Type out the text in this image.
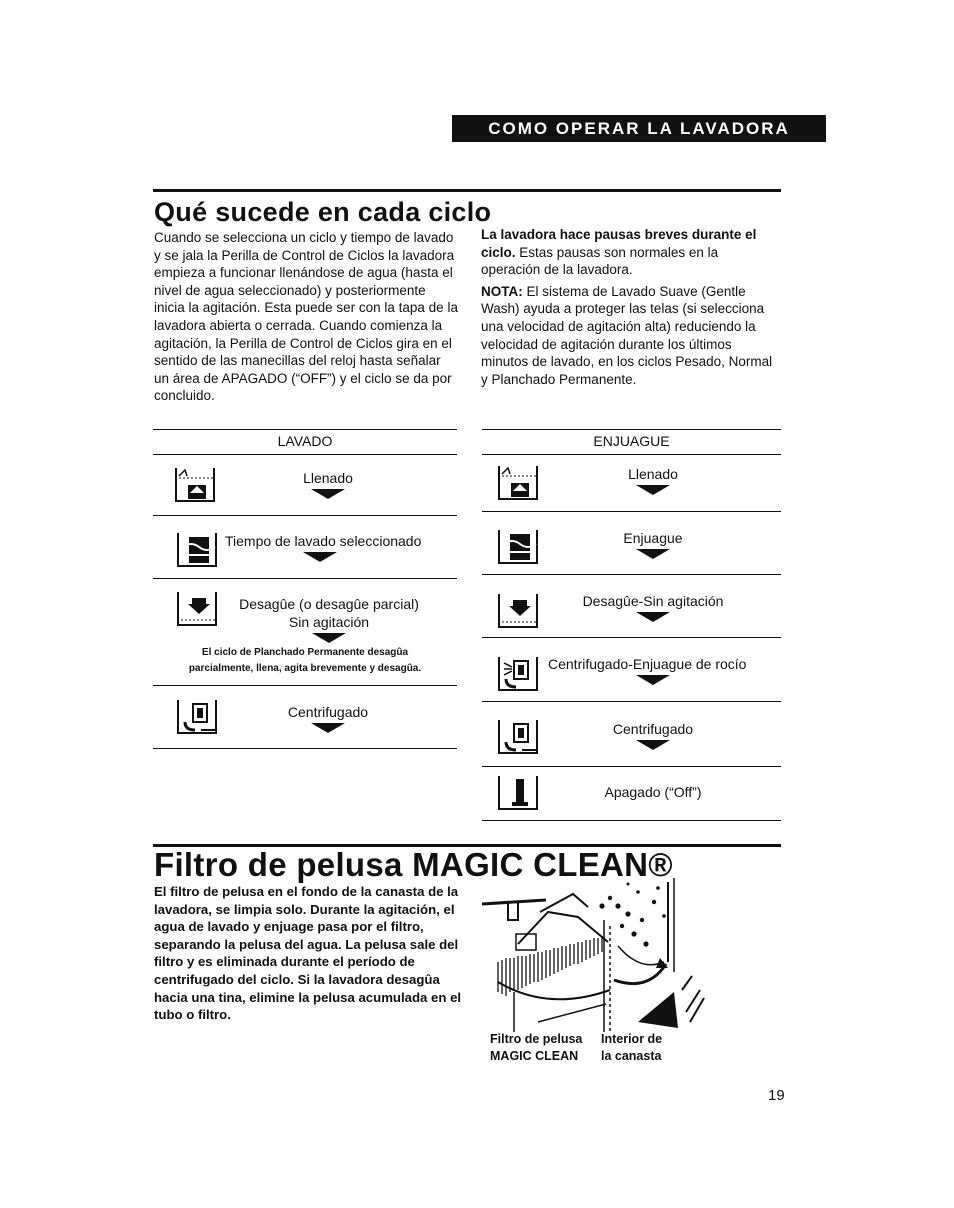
COMO OPERAR LA LAVADORA
Qué sucede en cada ciclo

Cuando se selecciona un ciclo y tiempo de lavado y se jala la Perilla de Control de Ciclos la lavadora empieza a funcionar llenándose de agua (hasta el nivel de agua seleccionado) y posteriormente inicia la agitación. Esta puede ser con la tapa de la lavadora abierta o cerrada. Cuando comienza la agitación, la Perilla de Control de Ciclos gira en el sentido de las manecillas del reloj hasta señalar un área de APAGADO (“OFF”) y el ciclo se da por concluido.

La lavadora hace pausas breves durante el ciclo. Estas pausas son normales en la operación de la lavadora.

NOTA: El sistema de Lavado Suave (Gentle Wash) ayuda a proteger las telas (si selecciona una velocidad de agitación alta) reduciendo la velocidad de agitación durante los últimos minutos de lavado, en los ciclos Pesado, Normal y Planchado Permanente.

LAVADO
Llenado
Tiempo de lavado seleccionado
Desagûe (o desagûe parcial)
Sin agitación
El ciclo de Planchado Permanente desagûa
parcialmente, llena, agita brevemente y desagûa.
Centrifugado
ENJUAGUE
Llenado
Enjuague
Desagûe-Sin agitación
Centrifugado-Enjuague de rocío
Centrifugado
Apagado (“Off”)
Filtro de pelusa MAGIC CLEAN®

El filtro de pelusa en el fondo de la canasta de la lavadora, se limpia solo. Durante la agitación, el agua de lavado y enjuage pasa por el filtro, separando la pelusa del agua. La pelusa sale del filtro y es eliminada durante el período de centrifugado del ciclo. Si la lavadora desagûa hacia una tina, elimine la pelusa acumulada en el tubo o filtro.

Filtro de pelusa
MAGIC CLEAN
Interior de
la canasta
19
